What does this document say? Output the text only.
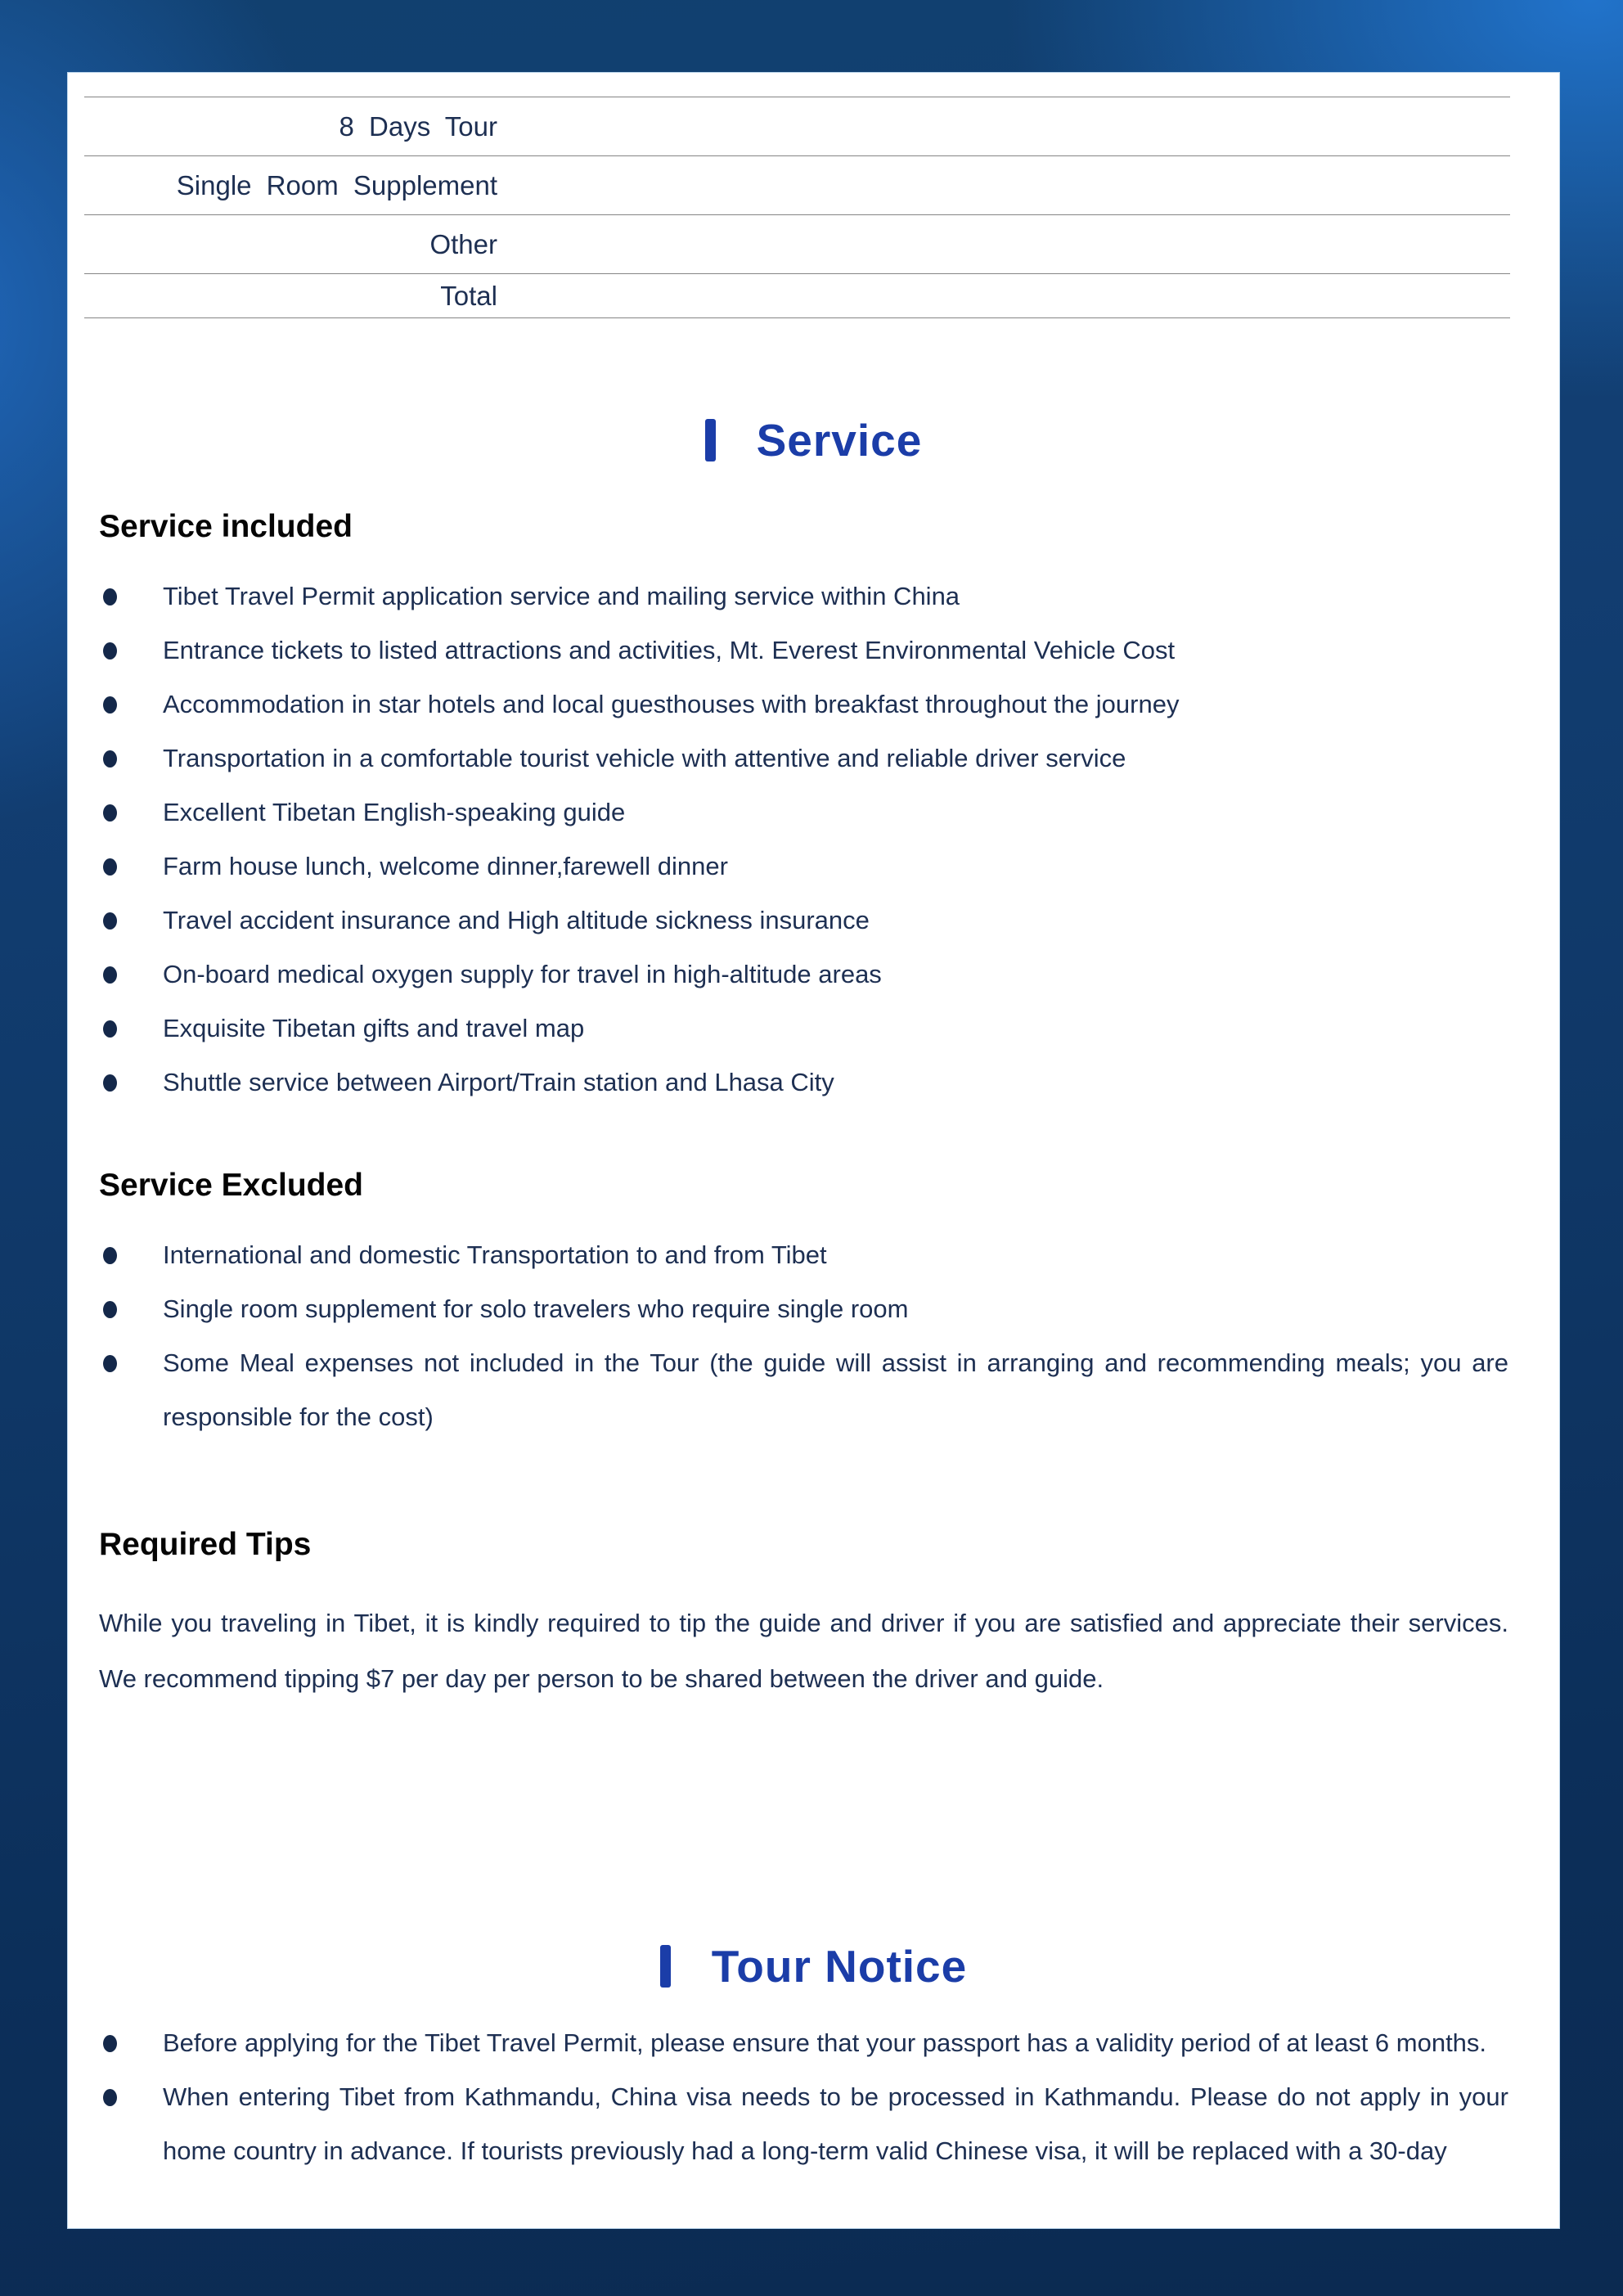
8 Days Tour
Single Room Supplement
Other
Total
Service
Service included
Tibet Travel Permit application service and mailing service within China
Entrance tickets to listed attractions and activities, Mt. Everest Environmental Vehicle Cost
Accommodation in star hotels and local guesthouses with breakfast throughout the journey
Transportation in a comfortable tourist vehicle with attentive and reliable driver service
Excellent Tibetan English-speaking guide
Farm house lunch, welcome dinner,farewell dinner
Travel accident insurance and High altitude sickness insurance
On-board medical oxygen supply for travel in high-altitude areas
Exquisite Tibetan gifts and travel map
Shuttle service between Airport/Train station and Lhasa City
Service Excluded
International and domestic Transportation to and from Tibet
Single room supplement for solo travelers who require single room
Some Meal expenses not included in the Tour (the guide will assist in arranging and recommending meals; you are responsible for the cost)
Required Tips

While you traveling in Tibet, it is kindly required to tip the guide and driver if you are satisfied and appreciate their services. We recommend tipping $7 per day per person to be shared between the driver and guide.

Tour Notice
Before applying for the Tibet Travel Permit, please ensure that your passport has a validity period of at least 6 months.
When entering Tibet from Kathmandu, China visa needs to be processed in Kathmandu. Please do not apply in your home country in advance. If tourists previously had a long-term valid Chinese visa, it will be replaced with a 30-day
